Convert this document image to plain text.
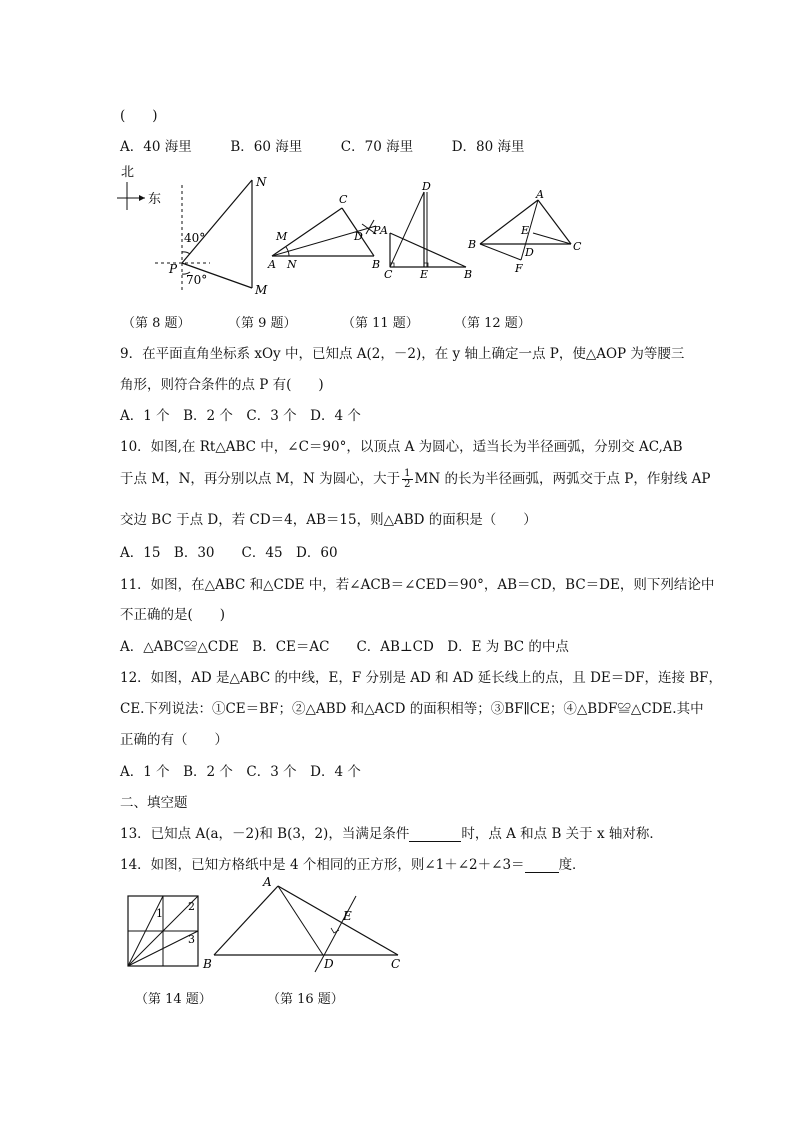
(　　)
A．40 海里	B．60 海里	C．70 海里	D．80 海里
北
东
40°
70°
N
P
M
A	B
C
D P
M
N
D
A
C	E	B
A
B	C
E
D
F
（第 8 题）	（第 9 题）	（第 11 题）	（第 12 题）
9．在平面直角坐标系 xOy 中，已知点 A(2，－2)，在 y 轴上确定一点 P，使△AOP 为等腰三
角形，则符合条件的点 P 有(　　)
A．1 个　B．2 个　C．3 个　D．4 个
10．如图,在 Rt△ABC 中，∠C＝90°，以顶点 A 为圆心，适当长为半径画弧，分别交 AC,AB
于点 M，N，再分别以点 M，N 为圆心，大于 $\frac{1}{2}$ MN 的长为半径画弧，两弧交于点 P，作射线 AP
交边 BC 于点 D，若 CD＝4，AB＝15，则△ABD 的面积是（　　）
A．15　B．30　　C．45　D．60
11．如图，在△ABC 和△CDE 中，若∠ACB＝∠CED＝90°，AB＝CD，BC＝DE，则下列结论中
不正确的是(　　)
A．△ABC≌△CDE　B．CE＝AC　　C．AB⊥CD　D．E 为 BC 的中点
12．如图，AD 是△ABC 的中线，E，F 分别是 AD 和 AD 延长线上的点，且 DE＝DF，连接 BF，
CE.下列说法：①CE＝BF；②△ABD 和△ACD 的面积相等；③BF∥CE；④△BDF≌△CDE.其中
正确的有（　　）
A．1 个　B．2 个　C．3 个　D．4 个
二、填空题
13．已知点 A(a，－2)和 B(3，2)，当满足条件	时，点 A 和点 B 关于 x 轴对称．
14．如图，已知方格纸中是 4 个相同的正方形，则∠1＋∠2＋∠3＝	度．
1
2
3
A
B	C
D
E
（第 14 题）	（第 16 题）
